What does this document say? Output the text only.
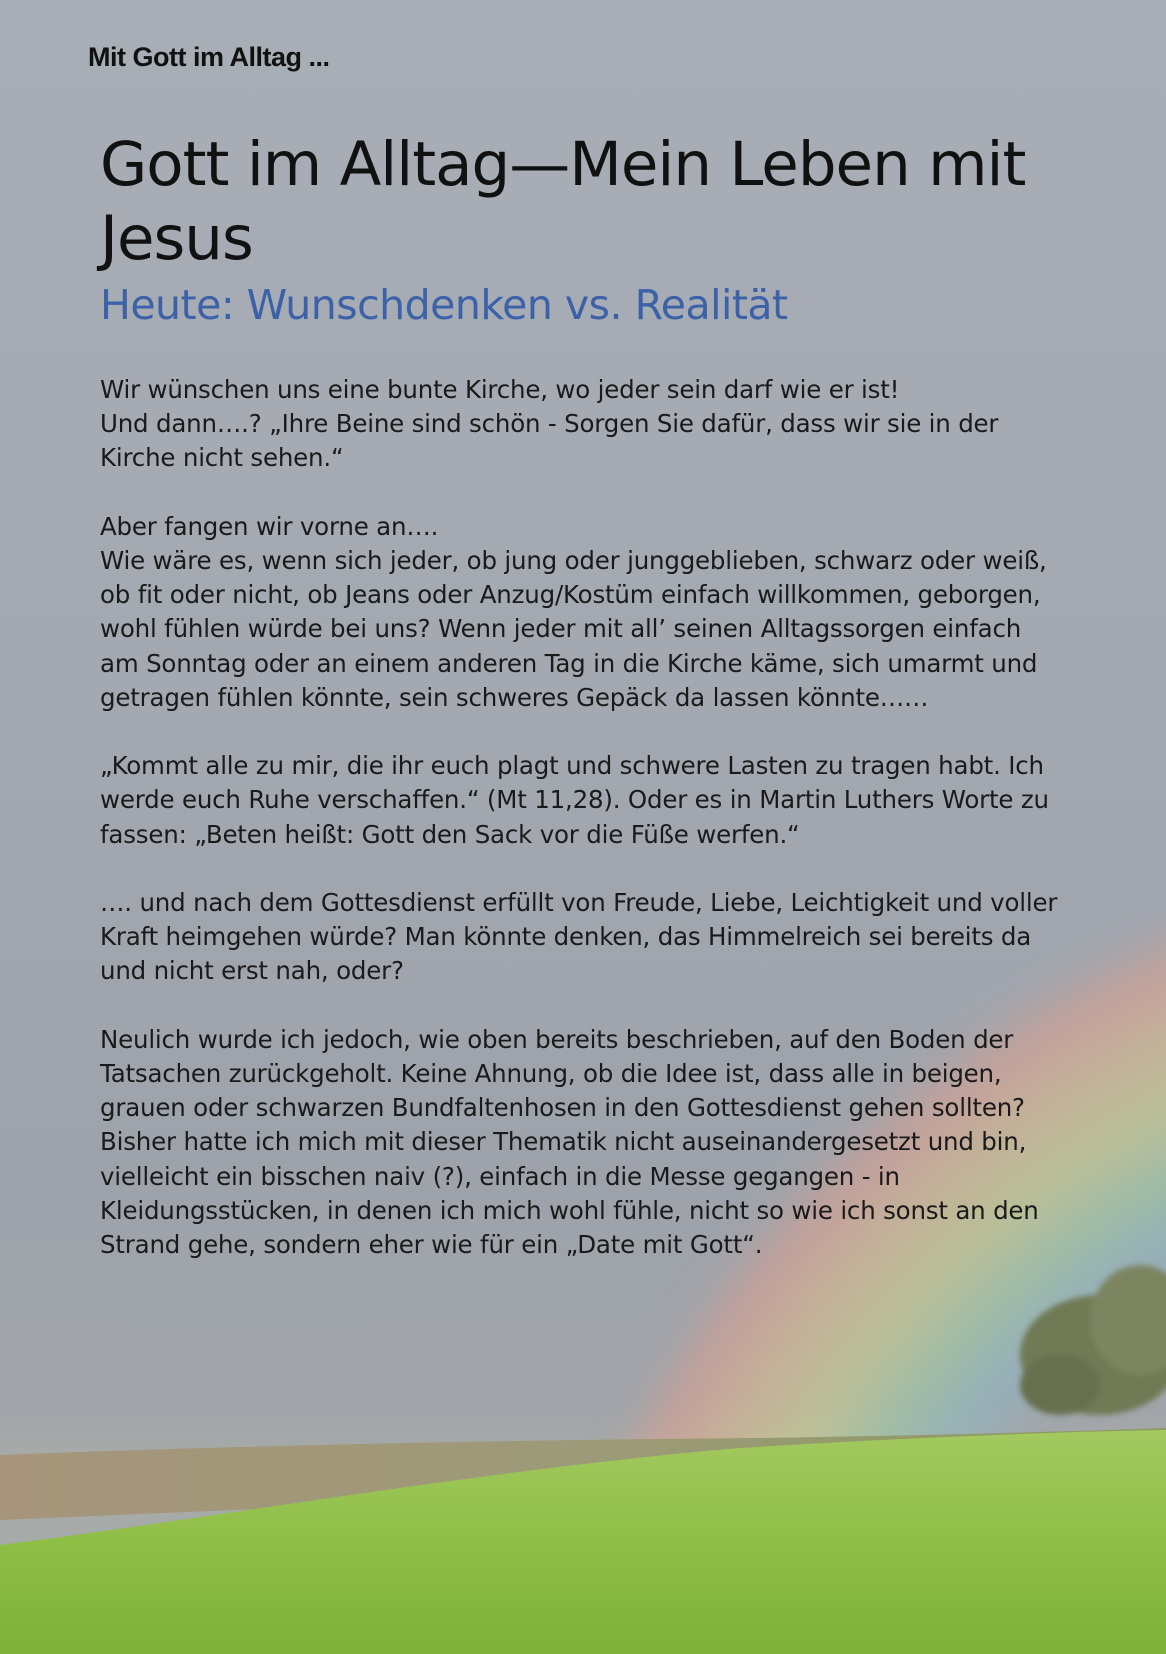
Mit Gott im Alltag ...

Gott im Alltag—Mein Leben mit Jesus
Heute: Wunschdenken vs. Realität

Wir wünschen uns eine bunte Kirche, wo jeder sein darf wie er ist!
Und dann….? „Ihre Beine sind schön - Sorgen Sie dafür, dass wir sie in der Kirche nicht sehen.“

Aber fangen wir vorne an….
Wie wäre es, wenn sich jeder, ob jung oder junggeblieben, schwarz oder weiß, ob fit oder nicht, ob Jeans oder Anzug/Kostüm einfach willkommen, geborgen, wohl fühlen würde bei uns? Wenn jeder mit all’ seinen Alltagssorgen einfach am Sonntag oder an einem anderen Tag in die Kirche käme, sich umarmt und getragen fühlen könnte, sein schweres Gepäck da lassen könnte……

„Kommt alle zu mir, die ihr euch plagt und schwere Lasten zu tragen habt. Ich werde euch Ruhe verschaffen.“ (Mt 11,28). Oder es in Martin Luthers Worte zu fassen: „Beten heißt: Gott den Sack vor die Füße werfen.“

…. und nach dem Gottesdienst erfüllt von Freude, Liebe, Leichtigkeit und voller Kraft heimgehen würde? Man könnte denken, das Himmelreich sei bereits da und nicht erst nah, oder?

Neulich wurde ich jedoch, wie oben bereits beschrieben, auf den Boden der Tatsachen zurückgeholt. Keine Ahnung, ob die Idee ist, dass alle in beigen, grauen oder schwarzen Bundfaltenhosen in den Gottesdienst gehen sollten? Bisher hatte ich mich mit dieser Thematik nicht auseinandergesetzt und bin, vielleicht ein bisschen naiv (?), einfach in die Messe gegangen - in Kleidungsstücken, in denen ich mich wohl fühle, nicht so wie ich sonst an den Strand gehe, sondern eher wie für ein „Date mit Gott“.
